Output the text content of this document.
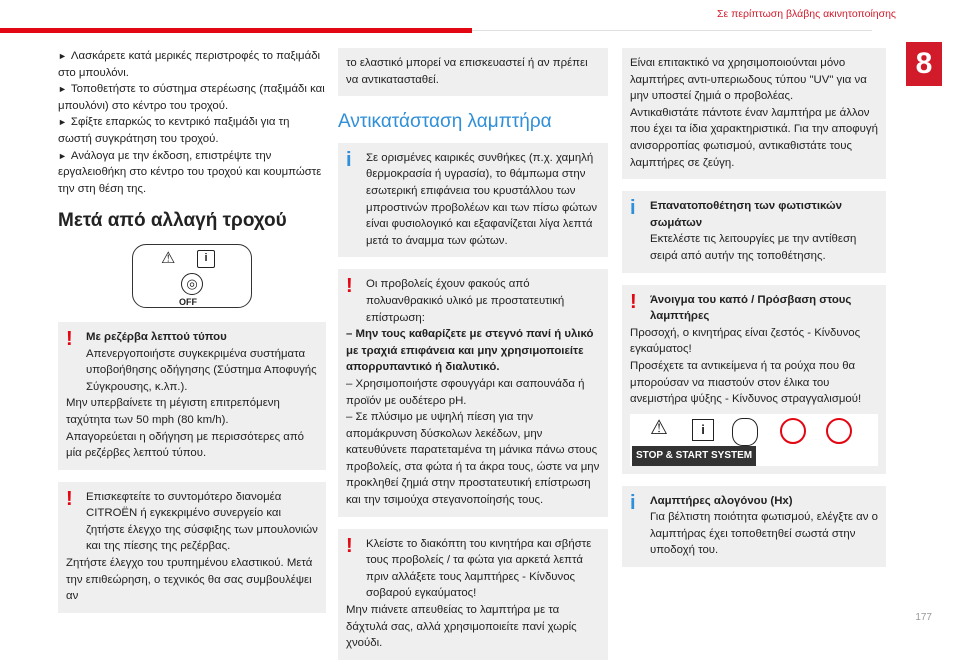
Σε περίπτωση βλάβης ακινητοποίησης
8
177
► Λασκάρετε κατά μερικές περιστροφές το παξιμάδι στο μπουλόνι.
► Τοποθετήστε το σύστημα στερέωσης (παξιμάδι και μπουλόνι) στο κέντρο του τροχού.
► Σφίξτε επαρκώς το κεντρικό παξιμάδι για τη σωστή συγκράτηση του τροχού.
► Ανάλογα με την έκδοση, επιστρέψτε την εργαλειοθήκη στο κέντρο του τροχού και κουμπώστε την στη θέση της.
Μετά από αλλαγή τροχού
⚠	i
◎
OFF
!	Με ρεζέρβα λεπτού τύπου

Απενεργοποιήστε συγκεκριμένα συστήματα υποβοήθησης οδήγησης (Σύστημα Αποφυγής Σύγκρουσης, κ.λπ.).

Μην υπερβαίνετε τη μέγιστη επιτρεπόμενη ταχύτητα των 50 mph (80 km/h).

Απαγορεύεται η οδήγηση με περισσότερες από μία ρεζέρβες λεπτού τύπου.

!	Επισκεφτείτε το συντομότερο διανομέα CITROËN ή εγκεκριμένο συνεργείο και ζητήστε έλεγχο της σύσφιξης των μπουλονιών και της πίεσης της ρεζέρβας.

Ζητήστε έλεγχο του τρυπημένου ελαστικού. Μετά την επιθεώρηση, ο τεχνικός θα σας συμβουλέψει αν

το ελαστικό μπορεί να επισκευαστεί ή αν πρέπει να αντικατασταθεί.

Αντικατάσταση λαμπτήρα
i	Σε ορισμένες καιρικές συνθήκες (π.χ. χαμηλή θερμοκρασία ή υγρασία), το θάμπωμα στην εσωτερική επιφάνεια του κρυστάλλου των μπροστινών προβολέων και των πίσω φώτων είναι φυσιολογικό και εξαφανίζεται λίγα λεπτά μετά το άναμμα των φώτων.

!	Οι προβολείς έχουν φακούς από πολυανθρακικό υλικό με προστατευτική επίστρωση:

– Μην τους καθαρίζετε με στεγνό πανί ή υλικό με τραχιά επιφάνεια και μην χρησιμοποιείτε απορρυπαντικό ή διαλυτικό.

– Χρησιμοποιήστε σφουγγάρι και σαπουνάδα ή προϊόν με ουδέτερο pH.

– Σε πλύσιμο με υψηλή πίεση για την απομάκρυνση δύσκολων λεκέδων, μην κατευθύνετε παρατεταμένα τη μάνικα πάνω στους προβολείς, στα φώτα ή τα άκρα τους, ώστε να μην προκληθεί ζημιά στην προστατευτική επίστρωση και την τσιμούχα στεγανοποίησής τους.

!	Κλείστε το διακόπτη του κινητήρα και σβήστε τους προβολείς / τα φώτα για αρκετά λεπτά πριν αλλάξετε τους λαμπτήρες - Κίνδυνος σοβαρού εγκαύματος!

Μην πιάνετε απευθείας το λαμπτήρα με τα δάχτυλά σας, αλλά χρησιμοποιείτε πανί χωρίς χνούδι.

Είναι επιτακτικό να χρησιμοποιούνται μόνο λαμπτήρες αντι-υπεριωδους τύπου "UV" για να μην υποστεί ζημιά ο προβολέας.
Αντικαθιστάτε πάντοτε έναν λαμπτήρα με άλλον που έχει τα ίδια χαρακτηριστικά. Για την αποφυγή ανισορροπίας φωτισμού, αντικαθιστάτε τους λαμπτήρες σε ζεύγη.

i	Επανατοποθέτηση των φωτιστικών σωμάτων

Εκτελέστε τις λειτουργίες με την αντίθεση σειρά από αυτήν της τοποθέτησης.

!	Άνοιγμα του καπό / Πρόσβαση στους λαμπτήρες

Προσοχή, ο κινητήρας είναι ζεστός - Κίνδυνος εγκαύματος!

Προσέχετε τα αντικείμενα ή τα ρούχα που θα μπορούσαν να πιαστούν στον έλικα του ανεμιστήρα ψύξης - Κίνδυνος στραγγαλισμού!

⚠	i
STOP & START SYSTEM
i	Λαμπτήρες αλογόνου (Hx)

Για βέλτιστη ποιότητα φωτισμού, ελέγξτε αν ο λαμπτήρας έχει τοποθετηθεί σωστά στην υποδοχή του.
